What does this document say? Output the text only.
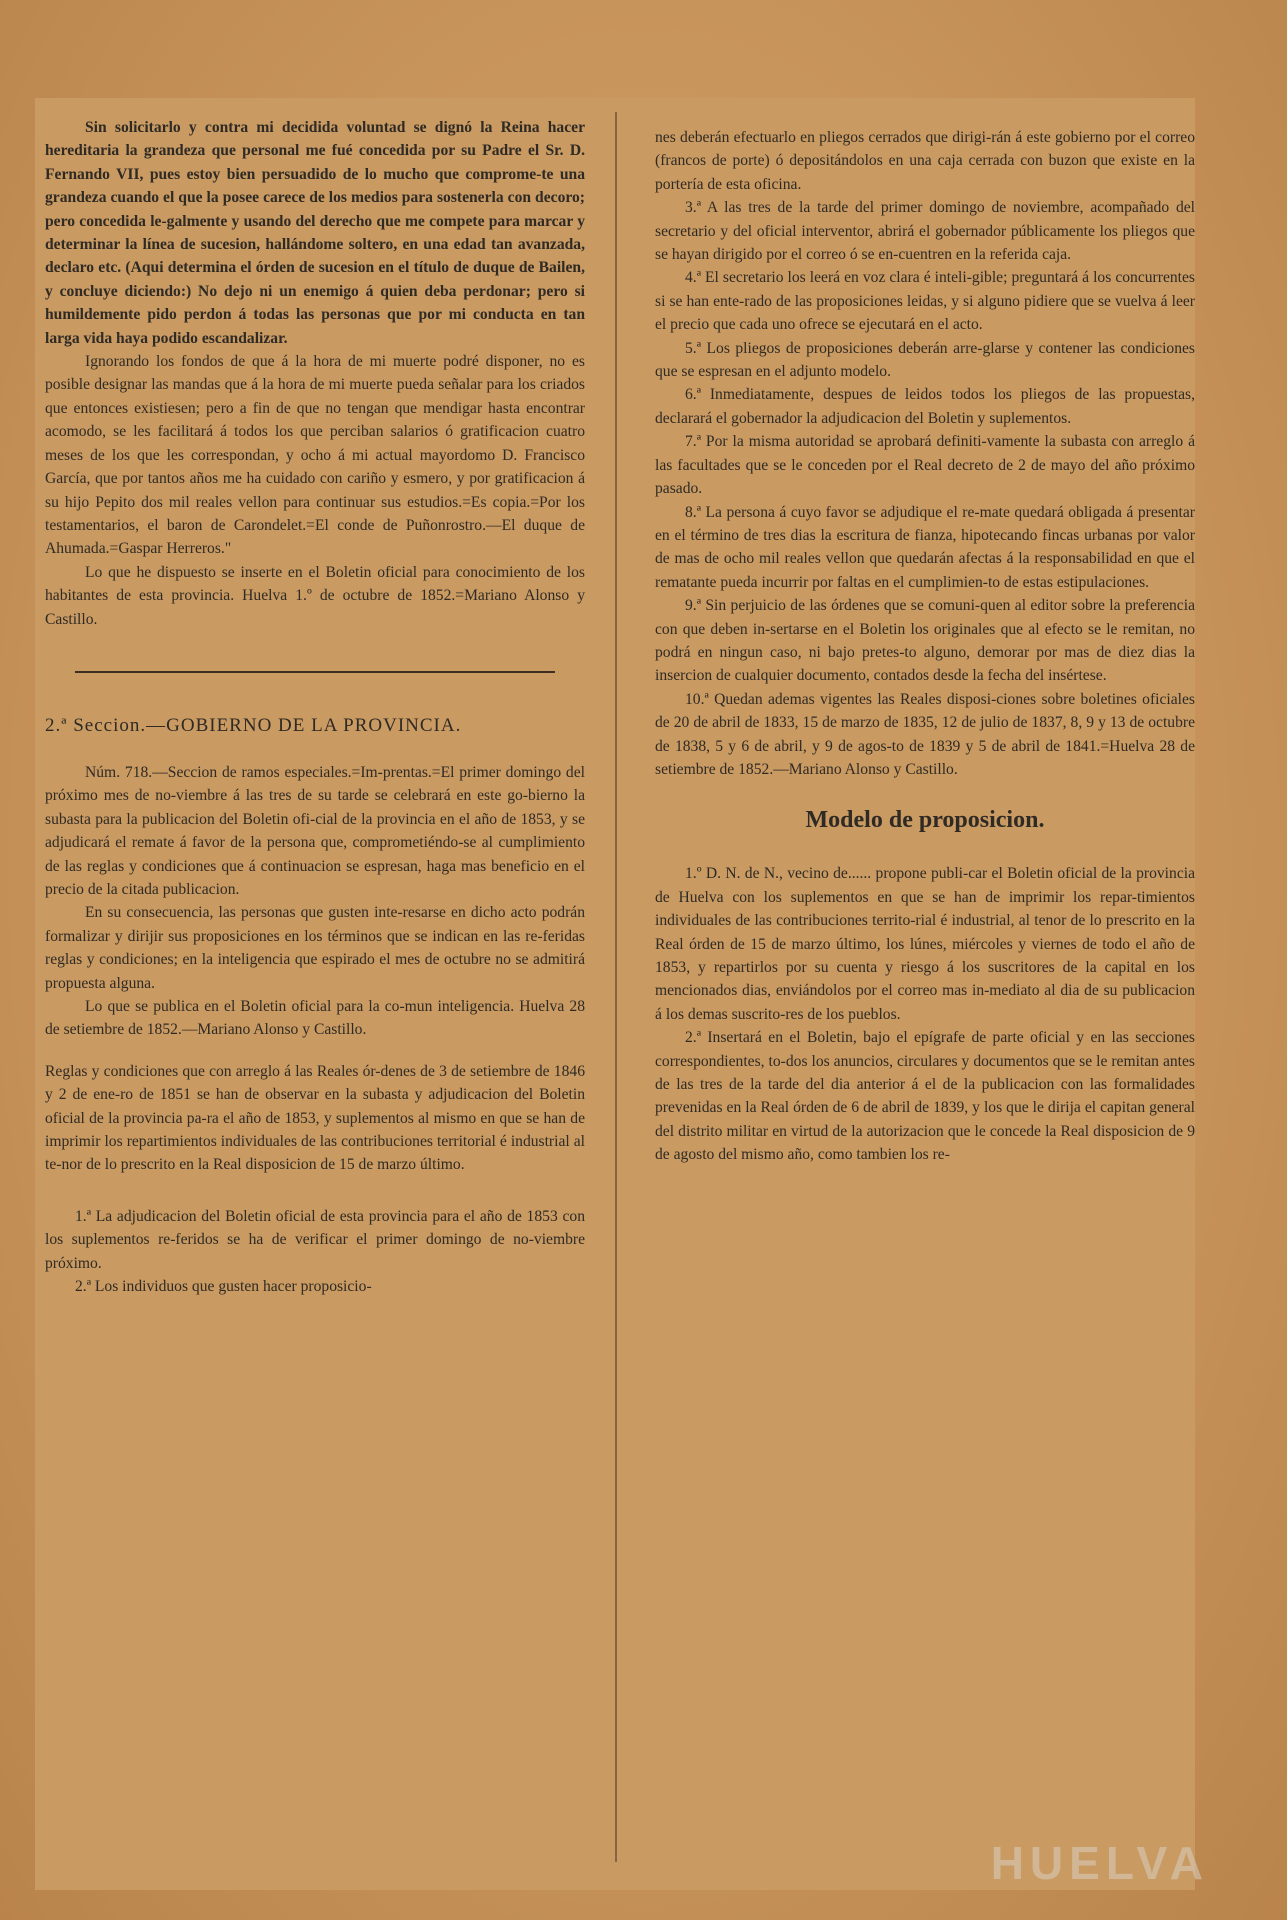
Sin solicitarlo y contra mi decidida voluntad se dignó la Reina hacer hereditaria la grandeza que personal me fué concedida por su Padre el Sr. D. Fernando VII, pues estoy bien persuadido de lo mucho que comprome-te una grandeza cuando el que la posee carece de los medios para sostenerla con decoro; pero concedida le-galmente y usando del derecho que me compete para marcar y determinar la línea de sucesion, hallándome soltero, en una edad tan avanzada, declaro etc. (Aqui determina el órden de sucesion en el título de duque de Bailen, y concluye diciendo:) No dejo ni un enemigo á quien deba perdonar; pero si humildemente pido perdon á todas las personas que por mi conducta en tan larga vida haya podido escandalizar.

Ignorando los fondos de que á la hora de mi muerte podré disponer, no es posible designar las mandas que á la hora de mi muerte pueda señalar para los criados que entonces existiesen; pero a fin de que no tengan que mendigar hasta encontrar acomodo, se les facilitará á todos los que perciban salarios ó gratificacion cuatro meses de los que les correspondan, y ocho á mi actual mayordomo D. Francisco García, que por tantos años me ha cuidado con cariño y esmero, y por gratificacion á su hijo Pepito dos mil reales vellon para continuar sus estudios.=Es copia.=Por los testamentarios, el baron de Carondelet.=El conde de Puñonrostro.—El duque de Ahumada.=Gaspar Herreros."

Lo que he dispuesto se inserte en el Boletin oficial para conocimiento de los habitantes de esta provincia. Huelva 1.º de octubre de 1852.=Mariano Alonso y Castillo.

2.ª Seccion.—GOBIERNO DE LA PROVINCIA.

Núm. 718.—Seccion de ramos especiales.=Im-prentas.=El primer domingo del próximo mes de no-viembre á las tres de su tarde se celebrará en este go-bierno la subasta para la publicacion del Boletin ofi-cial de la provincia en el año de 1853, y se adjudicará el remate á favor de la persona que, comprometiéndo-se al cumplimiento de las reglas y condiciones que á continuacion se espresan, haga mas beneficio en el precio de la citada publicacion.

En su consecuencia, las personas que gusten inte-resarse en dicho acto podrán formalizar y dirijir sus proposiciones en los términos que se indican en las re-feridas reglas y condiciones; en la inteligencia que espirado el mes de octubre no se admitirá propuesta alguna.

Lo que se publica en el Boletin oficial para la co-mun inteligencia. Huelva 28 de setiembre de 1852.—Mariano Alonso y Castillo.

Reglas y condiciones que con arreglo á las Reales ór-denes de 3 de setiembre de 1846 y 2 de ene-ro de 1851 se han de observar en la subasta y adjudicacion del Boletin oficial de la provincia pa-ra el año de 1853, y suplementos al mismo en que se han de imprimir los repartimientos individuales de las contribuciones territorial é industrial al te-nor de lo prescrito en la Real disposicion de 15 de marzo último.

1.ª La adjudicacion del Boletin oficial de esta provincia para el año de 1853 con los suplementos re-feridos se ha de verificar el primer domingo de no-viembre próximo.

2.ª Los individuos que gusten hacer proposicio-

nes deberán efectuarlo en pliegos cerrados que dirigi-rán á este gobierno por el correo (francos de porte) ó depositándolos en una caja cerrada con buzon que existe en la portería de esta oficina.

3.ª A las tres de la tarde del primer domingo de noviembre, acompañado del secretario y del oficial interventor, abrirá el gobernador públicamente los pliegos que se hayan dirigido por el correo ó se en-cuentren en la referida caja.

4.ª El secretario los leerá en voz clara é inteli-gible; preguntará á los concurrentes si se han ente-rado de las proposiciones leidas, y si alguno pidiere que se vuelva á leer el precio que cada uno ofrece se ejecutará en el acto.

5.ª Los pliegos de proposiciones deberán arre-glarse y contener las condiciones que se espresan en el adjunto modelo.

6.ª Inmediatamente, despues de leidos todos los pliegos de las propuestas, declarará el gobernador la adjudicacion del Boletin y suplementos.

7.ª Por la misma autoridad se aprobará definiti-vamente la subasta con arreglo á las facultades que se le conceden por el Real decreto de 2 de mayo del año próximo pasado.

8.ª La persona á cuyo favor se adjudique el re-mate quedará obligada á presentar en el término de tres dias la escritura de fianza, hipotecando fincas urbanas por valor de mas de ocho mil reales vellon que quedarán afectas á la responsabilidad en que el rematante pueda incurrir por faltas en el cumplimien-to de estas estipulaciones.

9.ª Sin perjuicio de las órdenes que se comuni-quen al editor sobre la preferencia con que deben in-sertarse en el Boletin los originales que al efecto se le remitan, no podrá en ningun caso, ni bajo pretes-to alguno, demorar por mas de diez dias la insercion de cualquier documento, contados desde la fecha del insértese.

10.ª Quedan ademas vigentes las Reales disposi-ciones sobre boletines oficiales de 20 de abril de 1833, 15 de marzo de 1835, 12 de julio de 1837, 8, 9 y 13 de octubre de 1838, 5 y 6 de abril, y 9 de agos-to de 1839 y 5 de abril de 1841.=Huelva 28 de setiembre de 1852.—Mariano Alonso y Castillo.

Modelo de proposicion.

1.º D. N. de N., vecino de...... propone publi-car el Boletin oficial de la provincia de Huelva con los suplementos en que se han de imprimir los repar-timientos individuales de las contribuciones territo-rial é industrial, al tenor de lo prescrito en la Real órden de 15 de marzo último, los lúnes, miércoles y viernes de todo el año de 1853, y repartirlos por su cuenta y riesgo á los suscritores de la capital en los mencionados dias, enviándolos por el correo mas in-mediato al dia de su publicacion á los demas suscrito-res de los pueblos.

2.ª Insertará en el Boletin, bajo el epígrafe de parte oficial y en las secciones correspondientes, to-dos los anuncios, circulares y documentos que se le remitan antes de las tres de la tarde del dia anterior á el de la publicacion con las formalidades prevenidas en la Real órden de 6 de abril de 1839, y los que le dirija el capitan general del distrito militar en virtud de la autorizacion que le concede la Real disposicion de 9 de agosto del mismo año, como tambien los re-

HUELVA
